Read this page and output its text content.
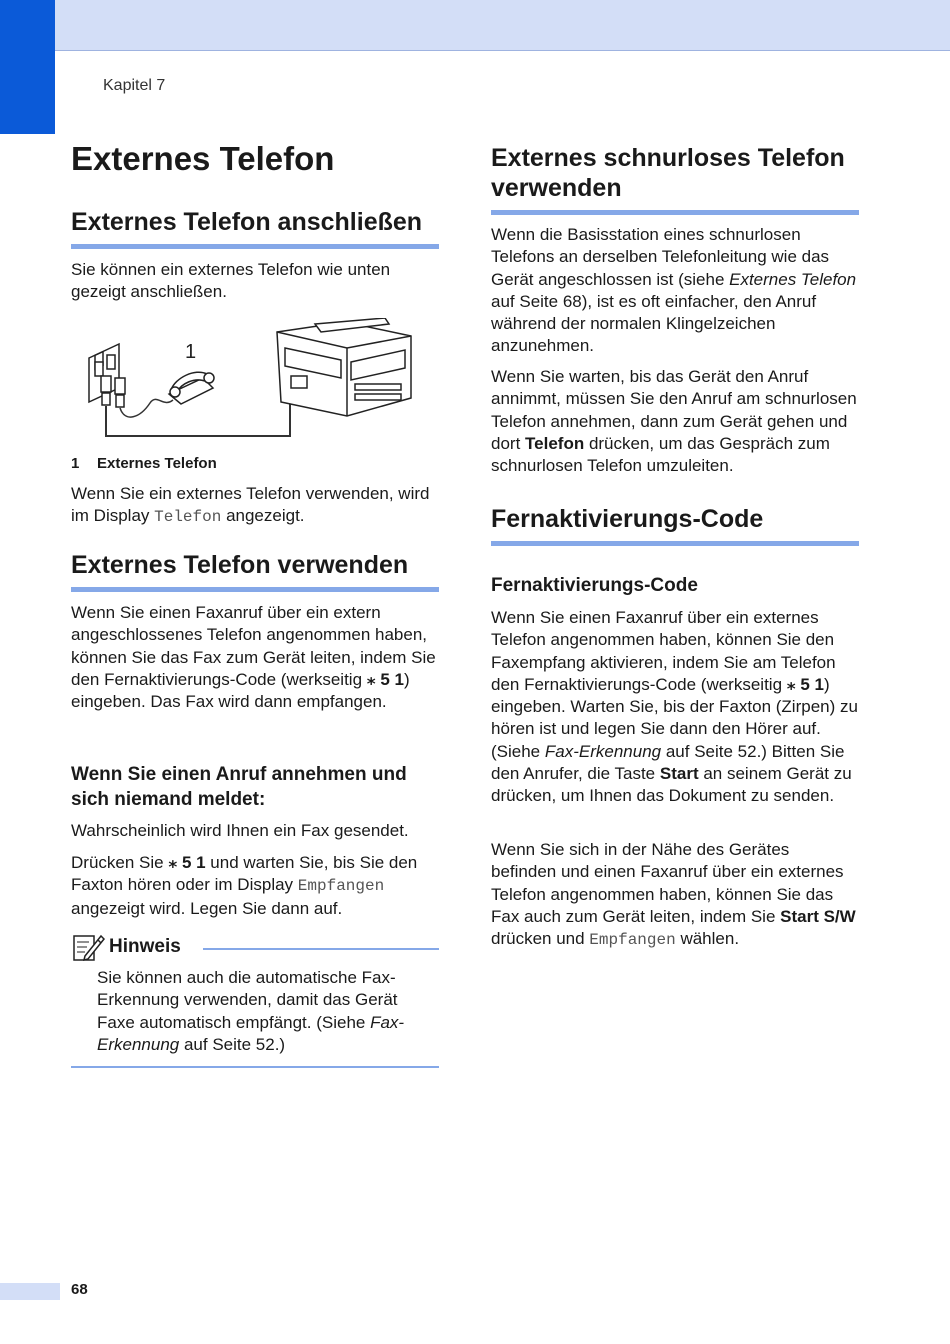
Kapitel 7
Externes Telefon
Externes Telefon anschließen

Sie können ein externes Telefon wie unten gezeigt anschließen.

1
1 Externes Telefon

Wenn Sie ein externes Telefon verwenden, wird im Display Telefon angezeigt.

Externes Telefon verwenden

Wenn Sie einen Faxanruf über ein extern angeschlossenes Telefon angenommen haben, können Sie das Fax zum Gerät leiten, indem Sie den Fernaktivierungs-Code (werkseitig ⁎ 5 1) eingeben. Das Fax wird dann empfangen.

Wenn Sie einen Anruf annehmen und sich niemand meldet:

Wahrscheinlich wird Ihnen ein Fax gesendet.

Drücken Sie ⁎ 5 1 und warten Sie, bis Sie den Faxton hören oder im Display Empfangen angezeigt wird. Legen Sie dann auf.

Hinweis

Sie können auch die automatische Fax-Erkennung verwenden, damit das Gerät Faxe automatisch empfängt. (Siehe Fax-Erkennung auf Seite 52.)

Externes schnurloses Telefon verwenden

Wenn die Basisstation eines schnurlosen Telefons an derselben Telefonleitung wie das Gerät angeschlossen ist (siehe Externes Telefon auf Seite 68), ist es oft einfacher, den Anruf während der normalen Klingelzeichen anzunehmen.

Wenn Sie warten, bis das Gerät den Anruf annimmt, müssen Sie den Anruf am schnurlosen Telefon annehmen, dann zum Gerät gehen und dort Telefon drücken, um das Gespräch zum schnurlosen Telefon umzuleiten.

Fernaktivierungs-Code
Fernaktivierungs-Code

Wenn Sie einen Faxanruf über ein externes Telefon angenommen haben, können Sie den Faxempfang aktivieren, indem Sie am Telefon den Fernaktivierungs-Code (werkseitig ⁎ 5 1) eingeben. Warten Sie, bis der Faxton (Zirpen) zu hören ist und legen Sie dann den Hörer auf. (Siehe Fax-Erkennung auf Seite 52.) Bitten Sie den Anrufer, die Taste Start an seinem Gerät zu drücken, um Ihnen das Dokument zu senden.

Wenn Sie sich in der Nähe des Gerätes befinden und einen Faxanruf über ein externes Telefon angenommen haben, können Sie das Fax auch zum Gerät leiten, indem Sie Start S/W drücken und Empfangen wählen.

68
